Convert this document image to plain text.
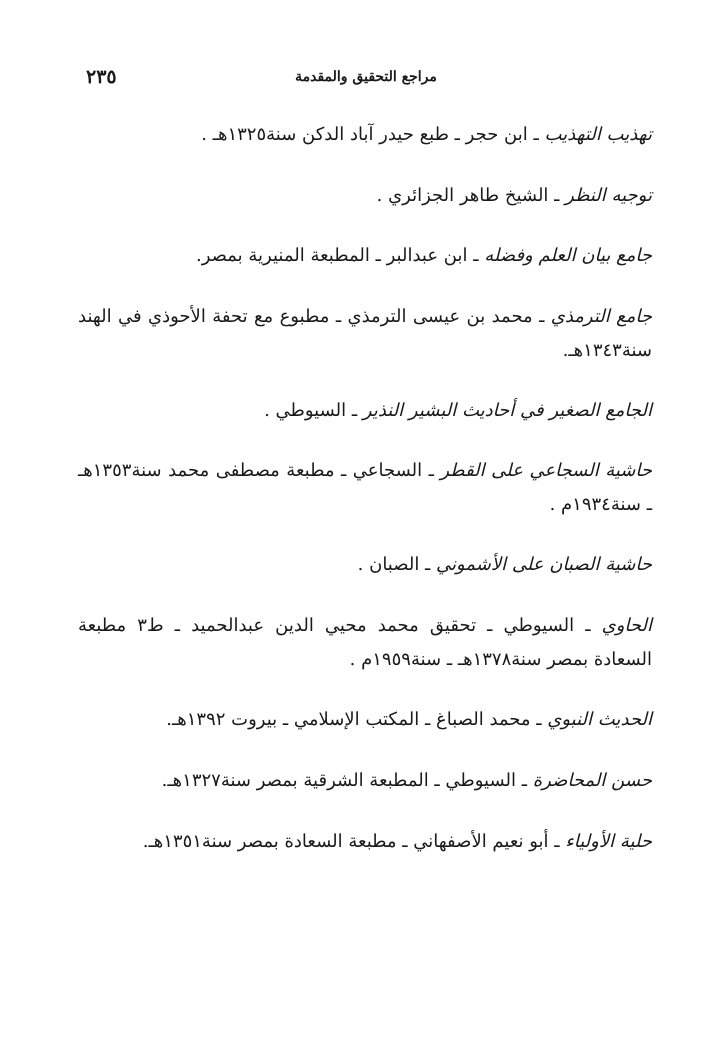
٢٣٥	مراجع التحقيق والمقدمة

تهذيب التهذيب ـ ابن حجر ـ طبع حيدر آباد الدكن سنة١٣٢٥هـ .

توجيه النظر ـ الشيخ طاهر الجزائري .

جامع بيان العلم وفضله ـ ابن عبدالبر ـ المطبعة المنيرية بمصر.

جامع الترمذي ـ محمد بن عيسى الترمذي ـ مطبوع مع تحفة الأحوذي في الهند سنة١٣٤٣هـ.

الجامع الصغير في أحاديث البشير النذير ـ السيوطي .

حاشية السجاعي على القطر ـ السجاعي ـ مطبعة مصطفى محمد سنة١٣٥٣هـ ـ سنة١٩٣٤م .

حاشية الصبان على الأشموني ـ الصبان .

الحاوي ـ السيوطي ـ تحقيق محمد محيي الدين عبدالحميد ـ ط٣ مطبعة السعادة بمصر سنة١٣٧٨هـ ـ سنة١٩٥٩م .

الحديث النبوي ـ محمد الصباغ ـ المكتب الإسلامي ـ بيروت ١٣٩٢هـ.

حسن المحاضرة ـ السيوطي ـ المطبعة الشرقية بمصر سنة١٣٢٧هـ.

حلية الأولياء ـ أبو نعيم الأصفهاني ـ مطبعة السعادة بمصر سنة١٣٥١هـ.
